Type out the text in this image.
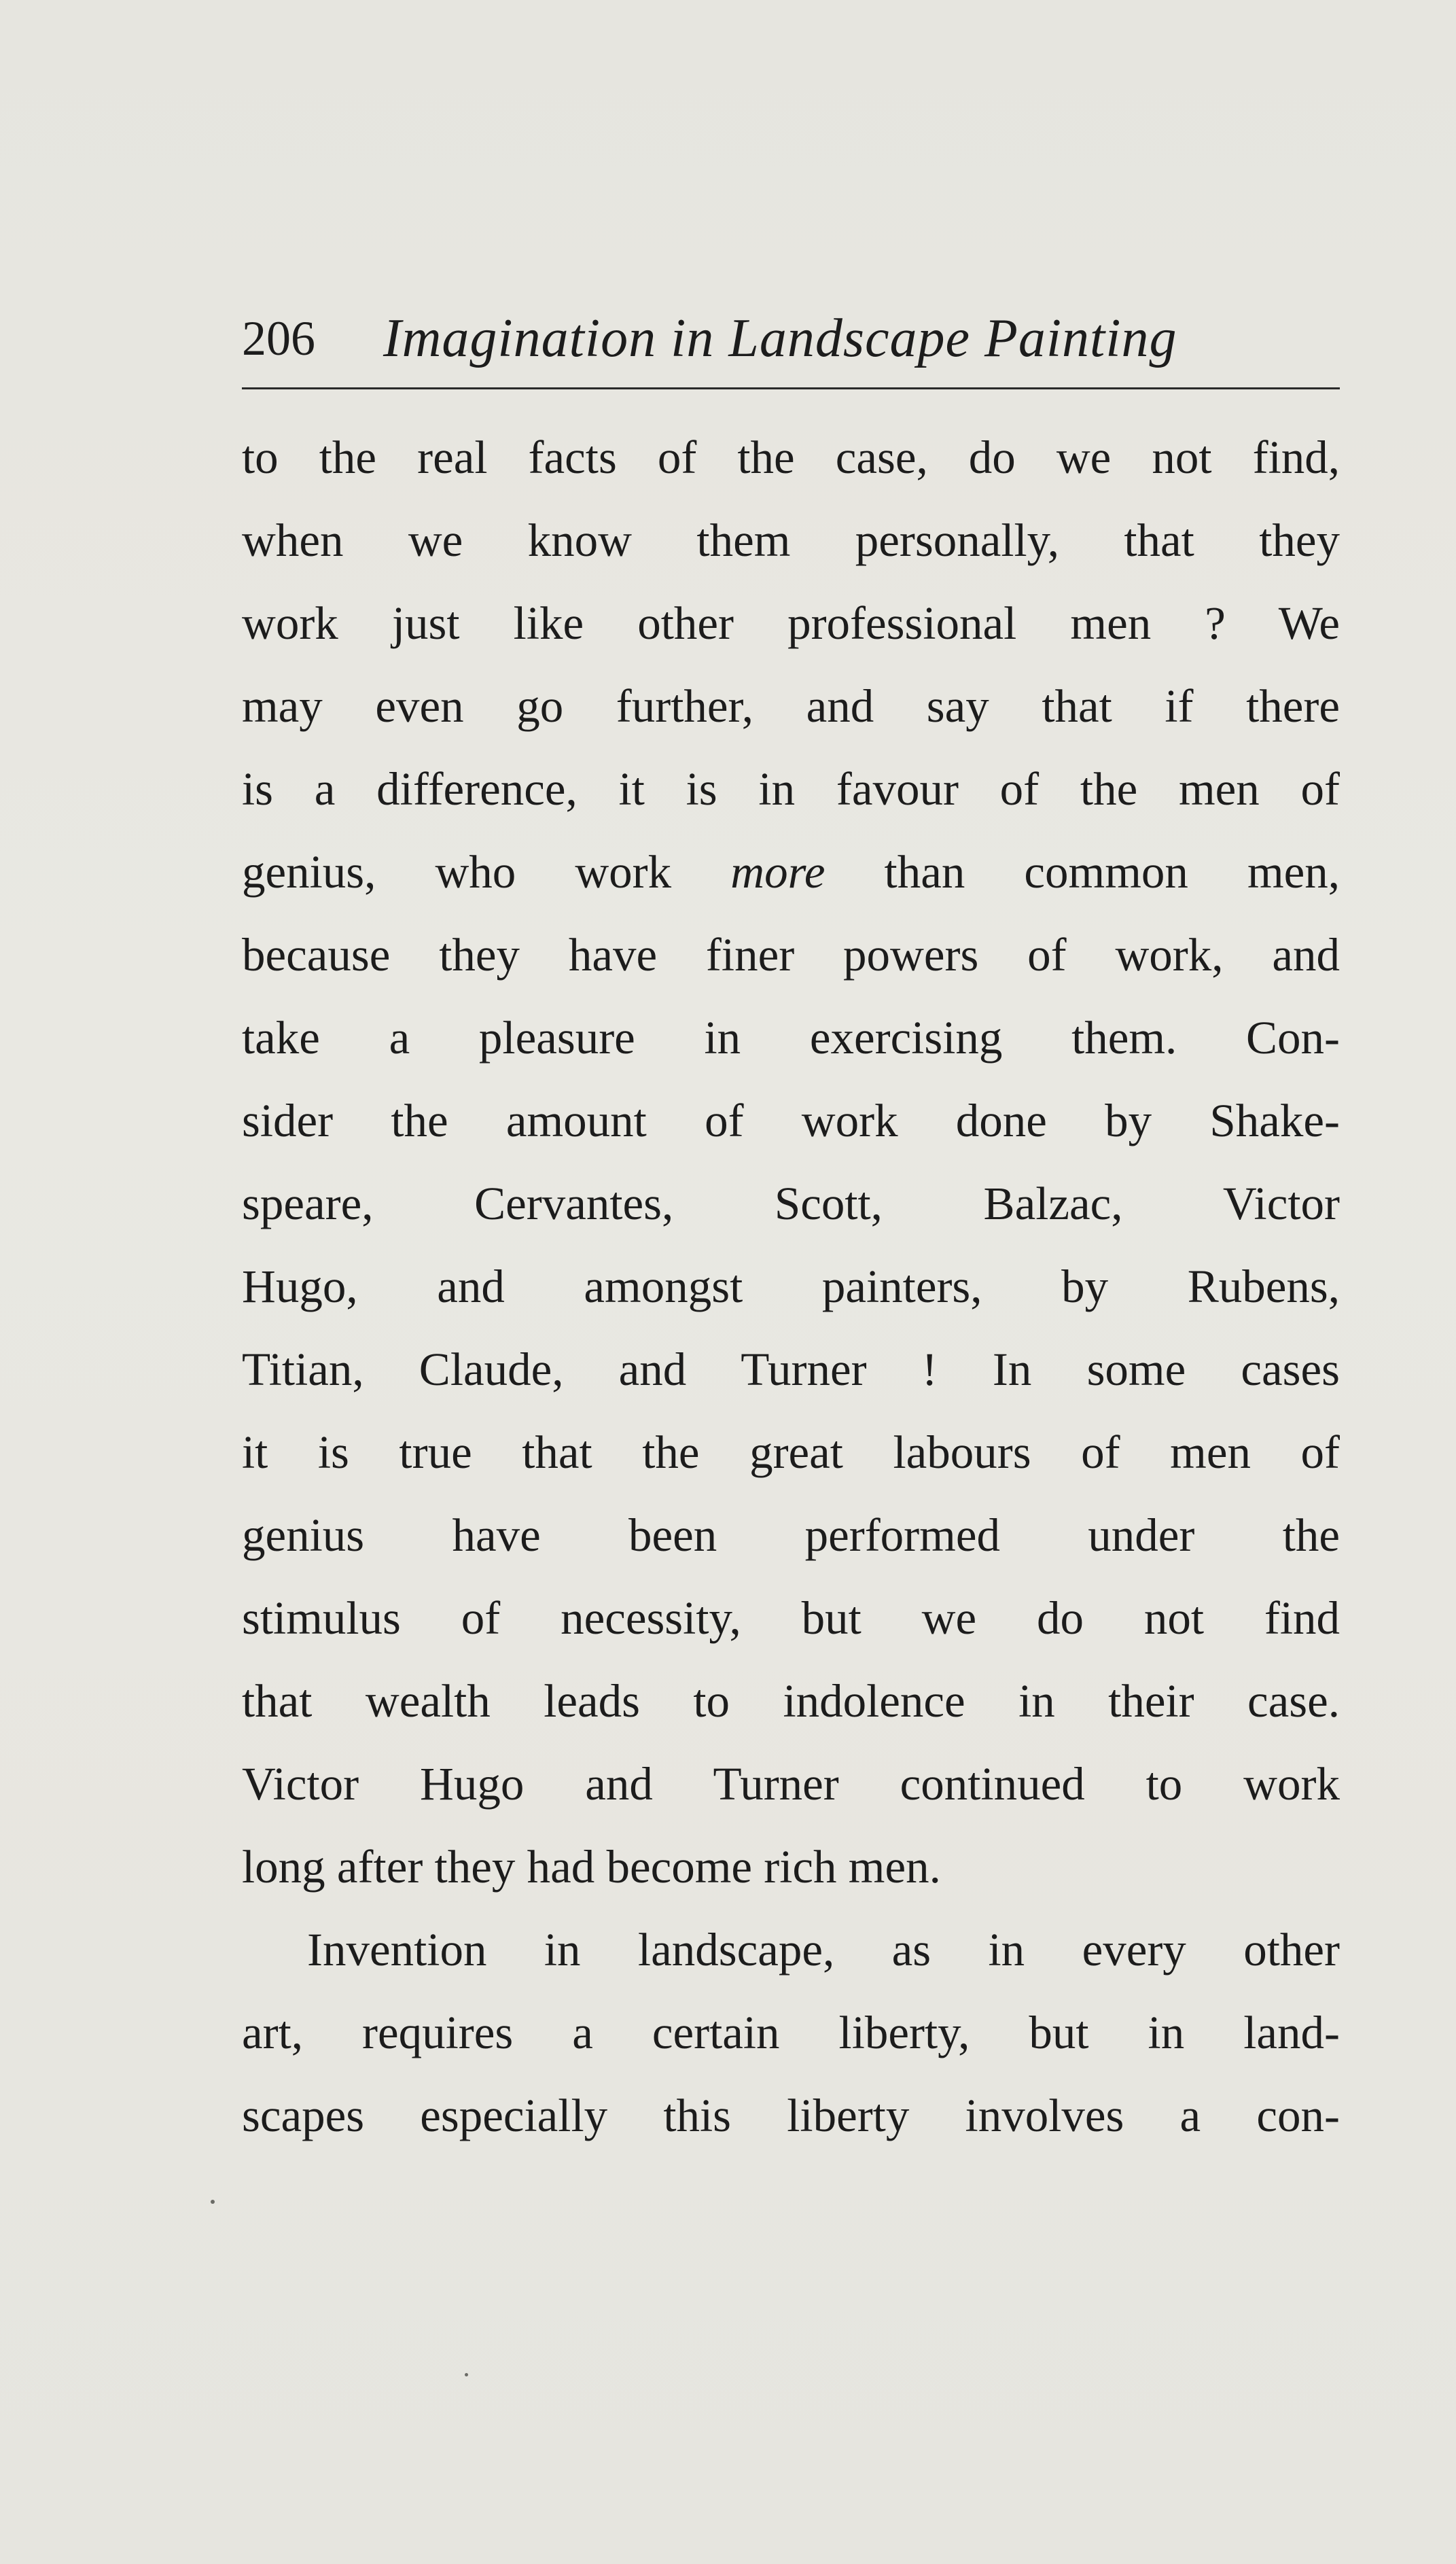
206 Imagination in Landscape Painting
to the real facts of the case, do we not find,
when we know them personally, that they
work just like other professional men ? We
may even go further, and say that if there
is a difference, it is in favour of the men of
genius, who work more than common men,
because they have finer powers of work, and
take a pleasure in exercising them. Con-
sider the amount of work done by Shake-
speare, Cervantes, Scott, Balzac, Victor
Hugo, and amongst painters, by Rubens,
Titian, Claude, and Turner ! In some cases
it is true that the great labours of men of
genius have been performed under the
stimulus of necessity, but we do not find
that wealth leads to indolence in their case.
Victor Hugo and Turner continued to work
long after they had become rich men.
Invention in landscape, as in every other
art, requires a certain liberty, but in land-
scapes especially this liberty involves a con-
